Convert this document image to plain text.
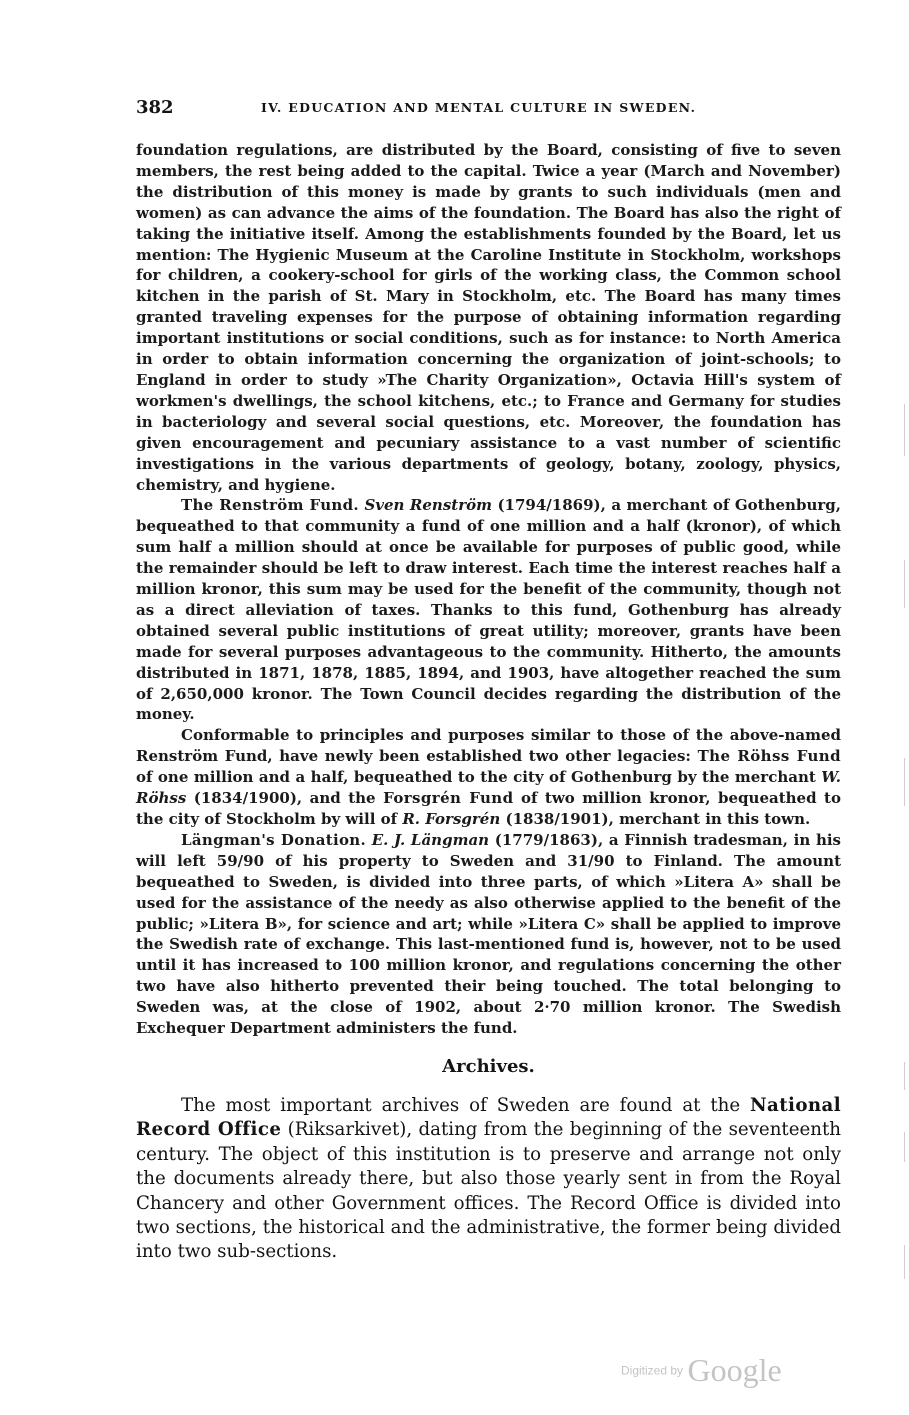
382	IV. EDUCATION AND MENTAL CULTURE IN SWEDEN.

foundation regulations, are distributed by the Board, consisting of five to seven members, the rest being added to the capital. Twice a year (March and November) the distribution of this money is made by grants to such individuals (men and women) as can advance the aims of the foundation. The Board has also the right of taking the initiative itself. Among the establishments founded by the Board, let us mention: The Hygienic Museum at the Caroline Institute in Stockholm, workshops for children, a cookery-school for girls of the working class, the Common school kitchen in the parish of St. Mary in Stockholm, etc. The Board has many times granted traveling expenses for the purpose of obtaining information regarding important institutions or social conditions, such as for instance: to North America in order to obtain information concerning the organization of joint-schools; to England in order to study »The Charity Organization», Octavia Hill's system of workmen's dwellings, the school kitchens, etc.; to France and Germany for studies in bacteriology and several social questions, etc. Moreover, the foundation has given encouragement and pecuniary assistance to a vast number of scientific investigations in the various departments of geology, botany, zoology, physics, chemistry, and hygiene.

The Renström Fund. Sven Renström (1794/1869), a merchant of Gothenburg, bequeathed to that community a fund of one million and a half (kronor), of which sum half a million should at once be available for purposes of public good, while the remainder should be left to draw interest. Each time the interest reaches half a million kronor, this sum may be used for the benefit of the community, though not as a direct alleviation of taxes. Thanks to this fund, Gothenburg has already obtained several public institutions of great utility; moreover, grants have been made for several purposes advantageous to the community. Hitherto, the amounts distributed in 1871, 1878, 1885, 1894, and 1903, have altogether reached the sum of 2,650,000 kronor. The Town Council decides regarding the distribution of the money.

Conformable to principles and purposes similar to those of the above-named Renström Fund, have newly been established two other legacies: The Röhss Fund of one million and a half, bequeathed to the city of Gothenburg by the merchant W. Röhss (1834/1900), and the Forsgrén Fund of two million kronor, bequeathed to the city of Stockholm by will of R. Forsgrén (1838/1901), merchant in this town.

Längman's Donation. E. J. Längman (1779/1863), a Finnish tradesman, in his will left 59/90 of his property to Sweden and 31/90 to Finland. The amount bequeathed to Sweden, is divided into three parts, of which »Litera A» shall be used for the assistance of the needy as also otherwise applied to the benefit of the public; »Litera B», for science and art; while »Litera C» shall be applied to improve the Swedish rate of exchange. This last-mentioned fund is, however, not to be used until it has increased to 100 million kronor, and regulations concerning the other two have also hitherto prevented their being touched. The total belonging to Sweden was, at the close of 1902, about 2·70 million kronor. The Swedish Exchequer Department administers the fund.

Archives.

The most important archives of Sweden are found at the National Record Office (Riksarkivet), dating from the beginning of the seventeenth century. The object of this institution is to preserve and arrange not only the documents already there, but also those yearly sent in from the Royal Chancery and other Government offices. The Record Office is divided into two sections, the historical and the administrative, the former being divided into two sub-sections.

Digitized by Google
